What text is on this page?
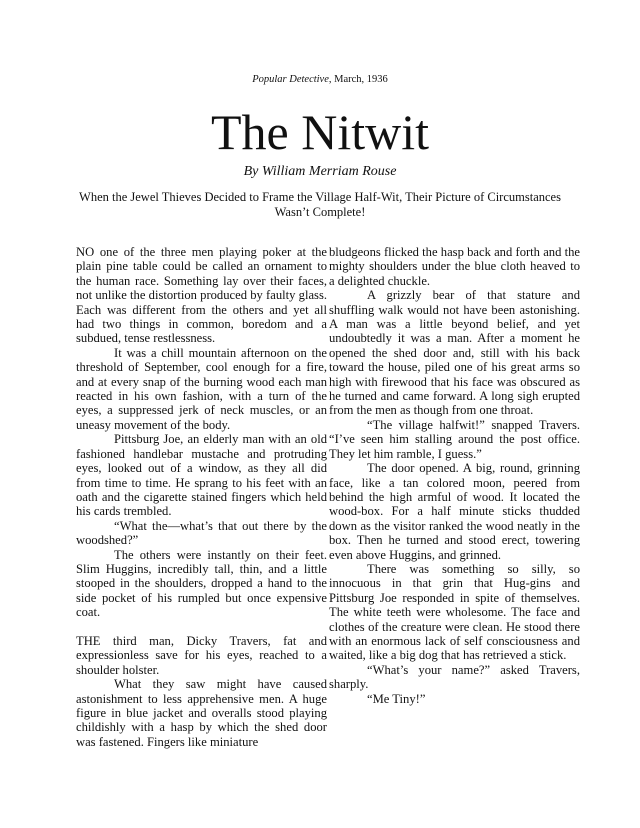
Popular Detective, March, 1936
The Nitwit
By William Merriam Rouse
When the Jewel Thieves Decided to Frame the Village Half-Wit, Their Picture of Circumstances Wasn’t Complete!

NO one of the three men playing poker at the plain pine table could be called an ornament to the human race. Something lay over their faces, not unlike the distortion produced by faulty glass. Each was different from the others and yet all had two things in common, boredom and a subdued, tense restlessness.

It was a chill mountain afternoon on the threshold of September, cool enough for a fire, and at every snap of the burning wood each man reacted in his own fashion, with a turn of the eyes, a suppressed jerk of neck muscles, or an uneasy movement of the body.

Pittsburg Joe, an elderly man with an old fashioned handlebar mustache and protruding eyes, looked out of a window, as they all did from time to time. He sprang to his feet with an oath and the cigarette stained fingers which held his cards trembled.

“What the—what’s that out there by the woodshed?”

The others were instantly on their feet. Slim Huggins, incredibly tall, thin, and a little stooped in the shoulders, dropped a hand to the side pocket of his rumpled but once expensive coat.

THE third man, Dicky Travers, fat and expressionless save for his eyes, reached to a shoulder holster.

What they saw might have caused astonishment to less apprehensive men. A huge figure in blue jacket and overalls stood playing childishly with a hasp by which the shed door was fastened. Fingers like miniature

bludgeons flicked the hasp back and forth and the mighty shoulders under the blue cloth heaved to a delighted chuckle.

A grizzly bear of that stature and shuffling walk would not have been astonishing. A man was a little beyond belief, and yet undoubtedly it was a man. After a moment he opened the shed door and, still with his back toward the house, piled one of his great arms so high with firewood that his face was obscured as he turned and came forward. A long sigh erupted from the men as though from one throat.

“The village halfwit!” snapped Travers. “I’ve seen him stalling around the post office. They let him ramble, I guess.”

The door opened. A big, round, grinning face, like a tan colored moon, peered from behind the high armful of wood. It located the wood-box. For a half minute sticks thudded down as the visitor ranked the wood neatly in the box. Then he turned and stood erect, towering even above Huggins, and grinned.

There was something so silly, so innocuous in that grin that Hug-gins and Pittsburg Joe responded in spite of themselves. The white teeth were wholesome. The face and clothes of the creature were clean. He stood there with an enormous lack of self consciousness and waited, like a big dog that has retrieved a stick.

“What’s your name?” asked Travers, sharply.

“Me Tiny!”
